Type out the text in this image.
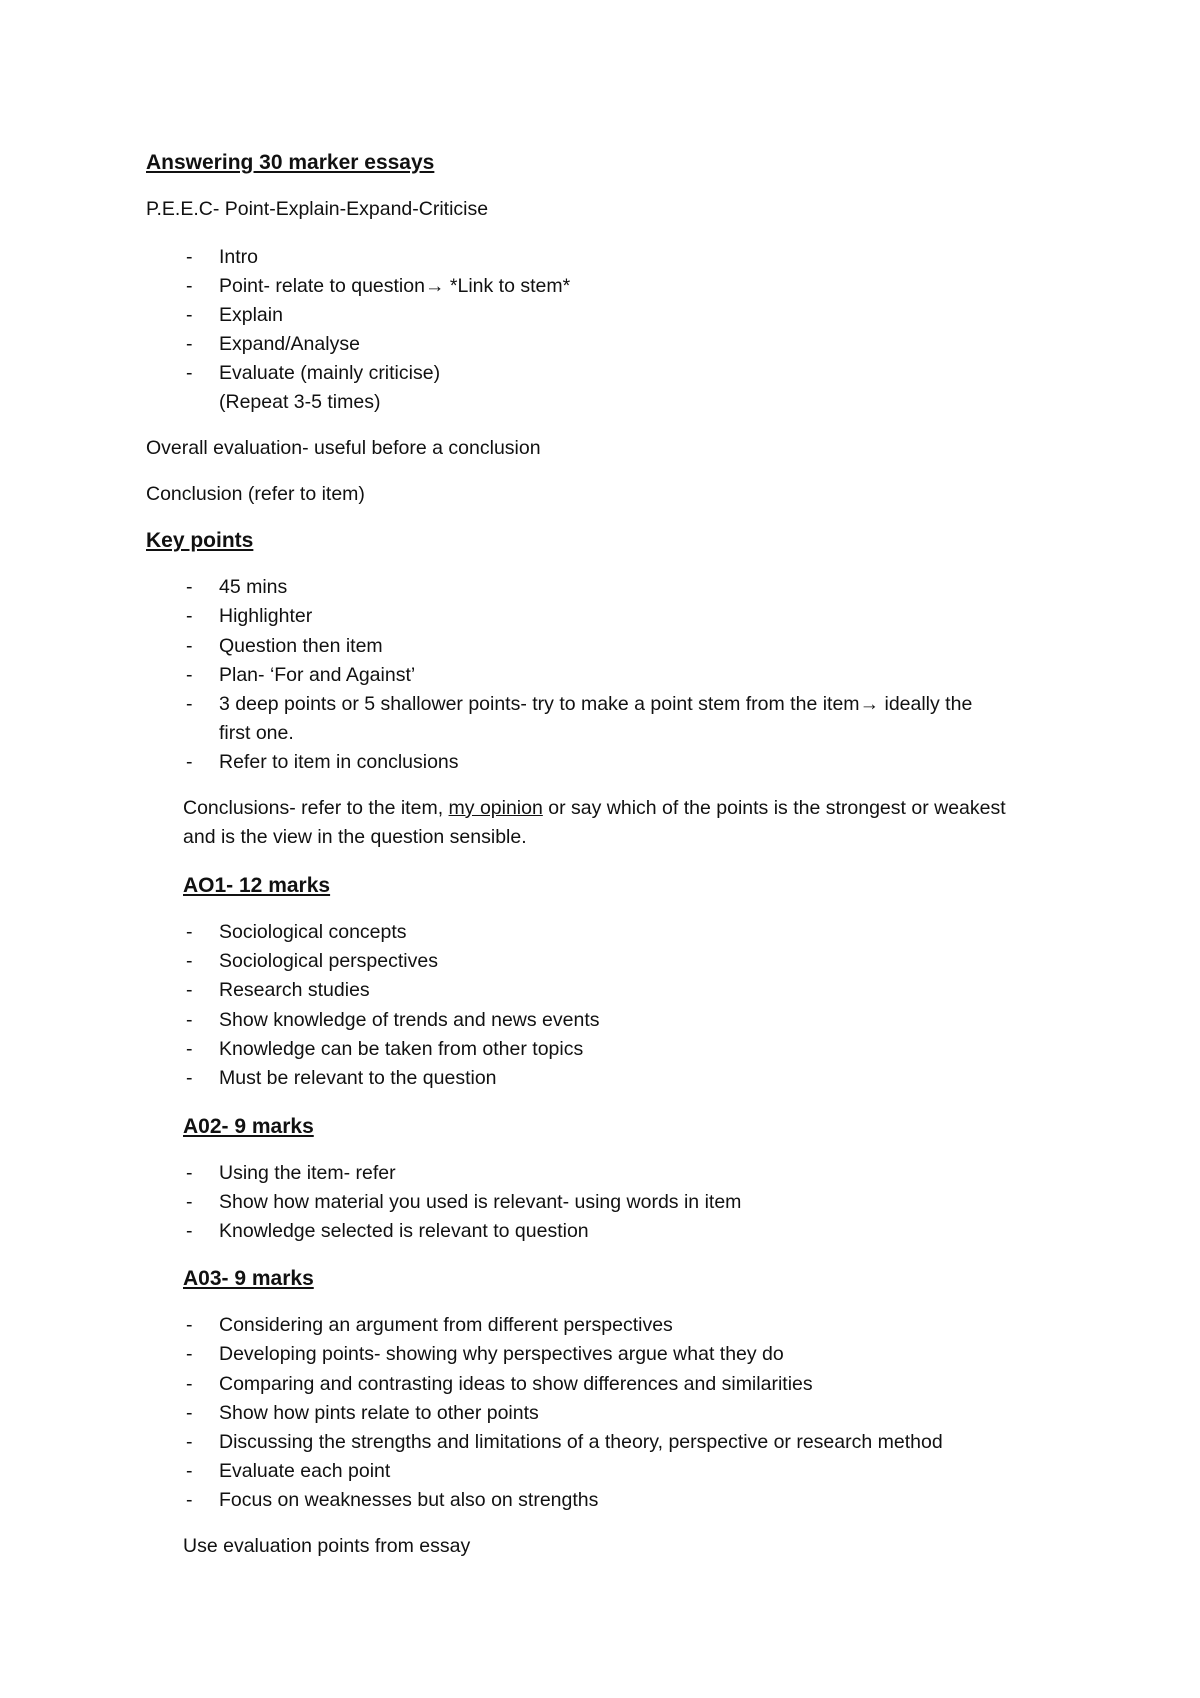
Answering 30 marker essays
P.E.E.C- Point-Explain-Expand-Criticise
- Intro
- Point- relate to question→ *Link to stem*
- Explain
- Expand/Analyse
- Evaluate (mainly criticise)
(Repeat 3-5 times)
Overall evaluation- useful before a conclusion
Conclusion (refer to item)
Key points
- 45 mins
- Highlighter
- Question then item
- Plan- ‘For and Against’
- 3 deep points or 5 shallower points- try to make a point stem from the item→ ideally the
first one.
- Refer to item in conclusions
Conclusions- refer to the item, my opinion or say which of the points is the strongest or weakest
and is the view in the question sensible.
AO1- 12 marks
- Sociological concepts
- Sociological perspectives
- Research studies
- Show knowledge of trends and news events
- Knowledge can be taken from other topics
- Must be relevant to the question
A02- 9 marks
- Using the item- refer
- Show how material you used is relevant- using words in item
- Knowledge selected is relevant to question
A03- 9 marks
- Considering an argument from different perspectives
- Developing points- showing why perspectives argue what they do
- Comparing and contrasting ideas to show differences and similarities
- Show how pints relate to other points
- Discussing the strengths and limitations of a theory, perspective or research method
- Evaluate each point
- Focus on weaknesses but also on strengths
Use evaluation points from essay
